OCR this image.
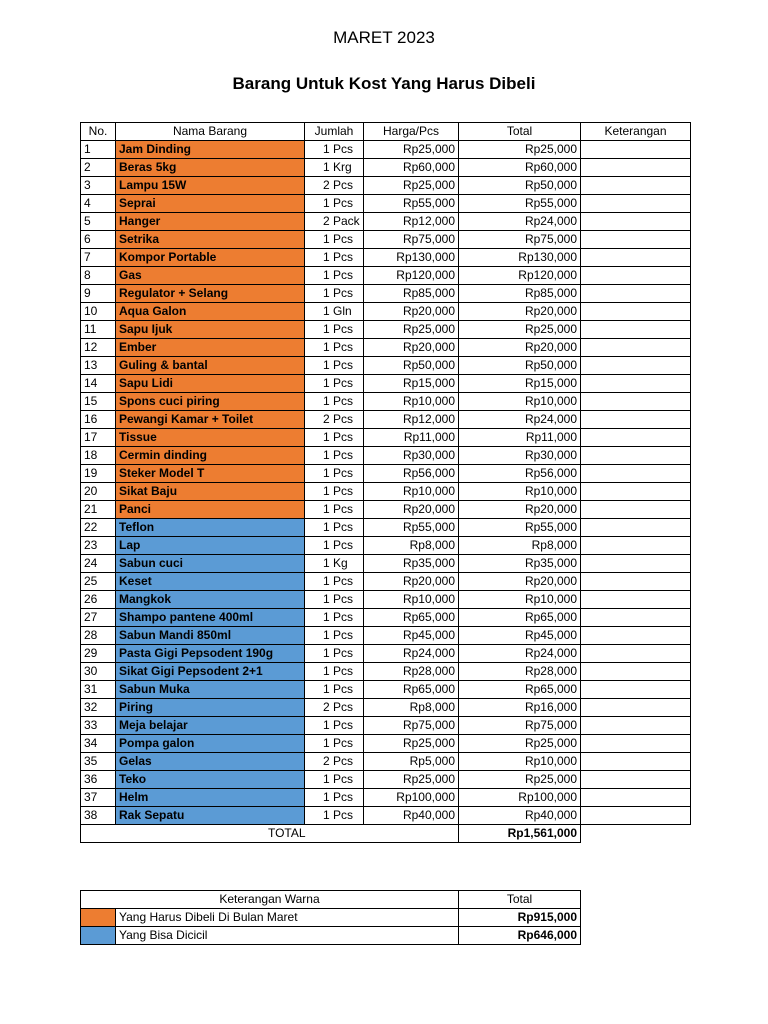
MARET 2023
Barang Untuk Kost Yang Harus Dibeli
No.	Nama Barang	Jumlah	Harga/Pcs	Total	Keterangan
1	Jam Dinding	1 Pcs	Rp25,000	Rp25,000	
2	Beras 5kg	1 Krg	Rp60,000	Rp60,000	
3	Lampu 15W	2 Pcs	Rp25,000	Rp50,000	
4	Seprai	1 Pcs	Rp55,000	Rp55,000	
5	Hanger	2 Pack	Rp12,000	Rp24,000	
6	Setrika	1 Pcs	Rp75,000	Rp75,000	
7	Kompor Portable	1 Pcs	Rp130,000	Rp130,000	
8	Gas	1 Pcs	Rp120,000	Rp120,000	
9	Regulator + Selang	1 Pcs	Rp85,000	Rp85,000	
10	Aqua Galon	1 Gln	Rp20,000	Rp20,000	
11	Sapu Ijuk	1 Pcs	Rp25,000	Rp25,000	
12	Ember	1 Pcs	Rp20,000	Rp20,000	
13	Guling & bantal	1 Pcs	Rp50,000	Rp50,000	
14	Sapu Lidi	1 Pcs	Rp15,000	Rp15,000	
15	Spons cuci piring	1 Pcs	Rp10,000	Rp10,000	
16	Pewangi Kamar + Toilet	2 Pcs	Rp12,000	Rp24,000	
17	Tissue	1 Pcs	Rp11,000	Rp11,000	
18	Cermin dinding	1 Pcs	Rp30,000	Rp30,000	
19	Steker Model T	1 Pcs	Rp56,000	Rp56,000	
20	Sikat Baju	1 Pcs	Rp10,000	Rp10,000	
21	Panci	1 Pcs	Rp20,000	Rp20,000	
22	Teflon	1 Pcs	Rp55,000	Rp55,000	
23	Lap	1 Pcs	Rp8,000	Rp8,000	
24	Sabun cuci	1 Kg	Rp35,000	Rp35,000	
25	Keset	1 Pcs	Rp20,000	Rp20,000	
26	Mangkok	1 Pcs	Rp10,000	Rp10,000	
27	Shampo pantene 400ml	1 Pcs	Rp65,000	Rp65,000	
28	Sabun Mandi 850ml	1 Pcs	Rp45,000	Rp45,000	
29	Pasta Gigi Pepsodent 190g	1 Pcs	Rp24,000	Rp24,000	
30	Sikat Gigi Pepsodent 2+1	1 Pcs	Rp28,000	Rp28,000	
31	Sabun Muka	1 Pcs	Rp65,000	Rp65,000	
32	Piring	2 Pcs	Rp8,000	Rp16,000	
33	Meja belajar	1 Pcs	Rp75,000	Rp75,000	
34	Pompa galon	1 Pcs	Rp25,000	Rp25,000	
35	Gelas	2 Pcs	Rp5,000	Rp10,000	
36	Teko	1 Pcs	Rp25,000	Rp25,000	
37	Helm	1 Pcs	Rp100,000	Rp100,000	
38	Rak Sepatu	1 Pcs	Rp40,000	Rp40,000	
	TOTAL			Rp1,561,000	
Keterangan Warna		Total
	Yang Harus Dibeli Di Bulan Maret	Rp915,000
	Yang Bisa Dicicil	Rp646,000
